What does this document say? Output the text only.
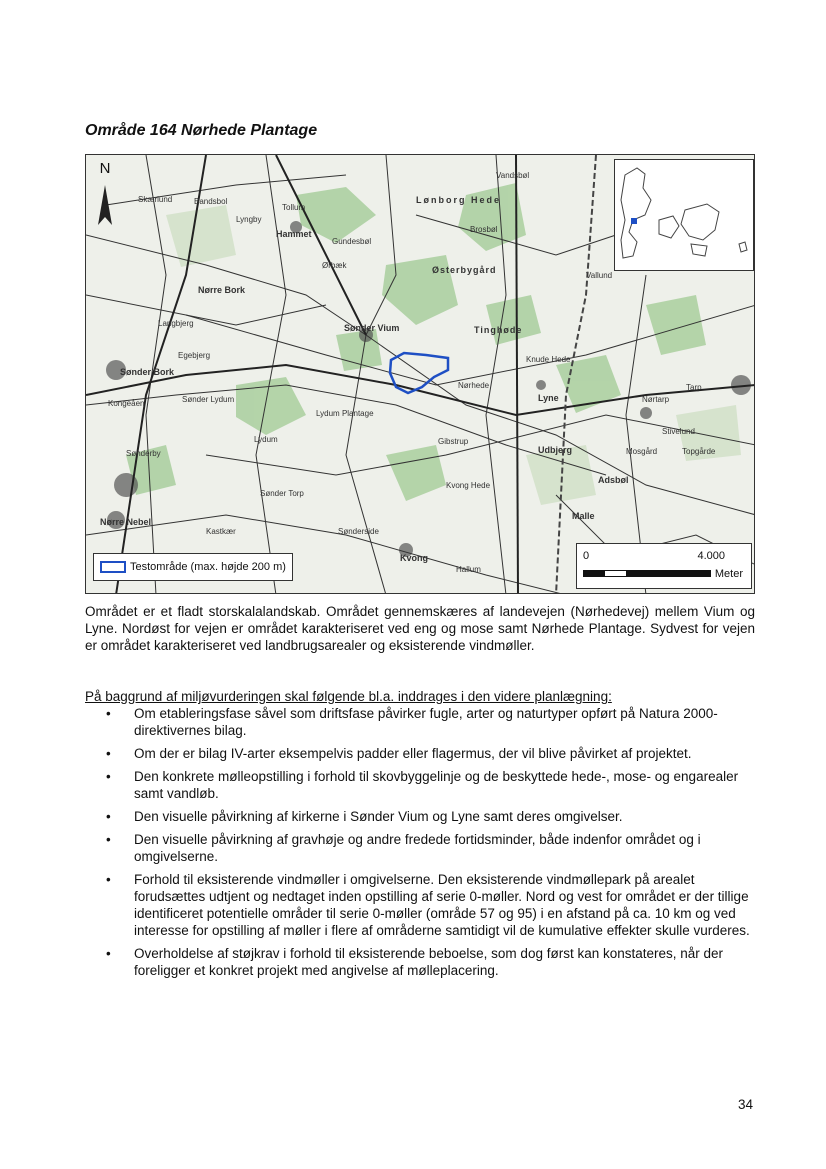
Område 164 Nørhede Plantage
N
Skærlund	Bandsbol
Lyngby
Tollum
Hammet
Gundesbøl
Lønborg Hede
Brosbøl
Vandsbøl
Ørbæk
Nørre Bork
Sønder Bork
Sønder Vium	Tinghøde
Nørhede
Knude Hede
Lyne
Østerbygård
Vallund
Nørtarp
Udbjerg
Lydum
Lydum Plantage
Gibstrup
Kvong
Kvong Hede
Sønderby
Sønderside
Hallum
Nørre Nebel
Adsbøl
Malle
Stivelund
Mosgård	Topgårde
Kongeåen	Sønder Lydum
Kastkær
Sønder Torp
Egebjerg
Tarp
Langbjerg
Testområde (max. højde 200 m)
0	4.000
Meter

Området er et fladt storskalalandskab. Området gennemskæres af landevejen (Nørhedevej) mellem Vium og Lyne. Nordøst for vejen er området karakteriseret ved eng og mose samt Nørhede Plantage. Sydvest for vejen er området karakteriseret ved landbrugsarealer og eksisterende vindmøller.

På baggrund af miljøvurderingen skal følgende bl.a. inddrages i den videre planlægning:

• Om etableringsfase såvel som driftsfase påvirker fugle, arter og naturtyper opført på Natura 2000-direktivernes bilag.
• Om der er bilag IV-arter eksempelvis padder eller flagermus, der vil blive påvirket af projektet.
• Den konkrete mølleopstilling i forhold til skovbyggelinje og de beskyttede hede-, mose- og engarealer samt vandløb.
• Den visuelle påvirkning af kirkerne i Sønder Vium og Lyne samt deres omgivelser.
• Den visuelle påvirkning af gravhøje og andre fredede fortidsminder, både indenfor området og i omgivelserne.
• Forhold til eksisterende vindmøller i omgivelserne. Den eksisterende vindmøllepark på arealet forudsættes udtjent og nedtaget inden opstilling af serie 0-møller. Nord og vest for området er der tillige identificeret potentielle områder til serie 0-møller (område 57 og 95) i en afstand på ca. 10 km og ved interesse for opstilling af møller i flere af områderne samtidigt vil de kumulative effekter skulle vurderes.
• Overholdelse af støjkrav i forhold til eksisterende beboelse, som dog først kan konstateres, når der foreligger et konkret projekt med angivelse af mølleplacering.
34
